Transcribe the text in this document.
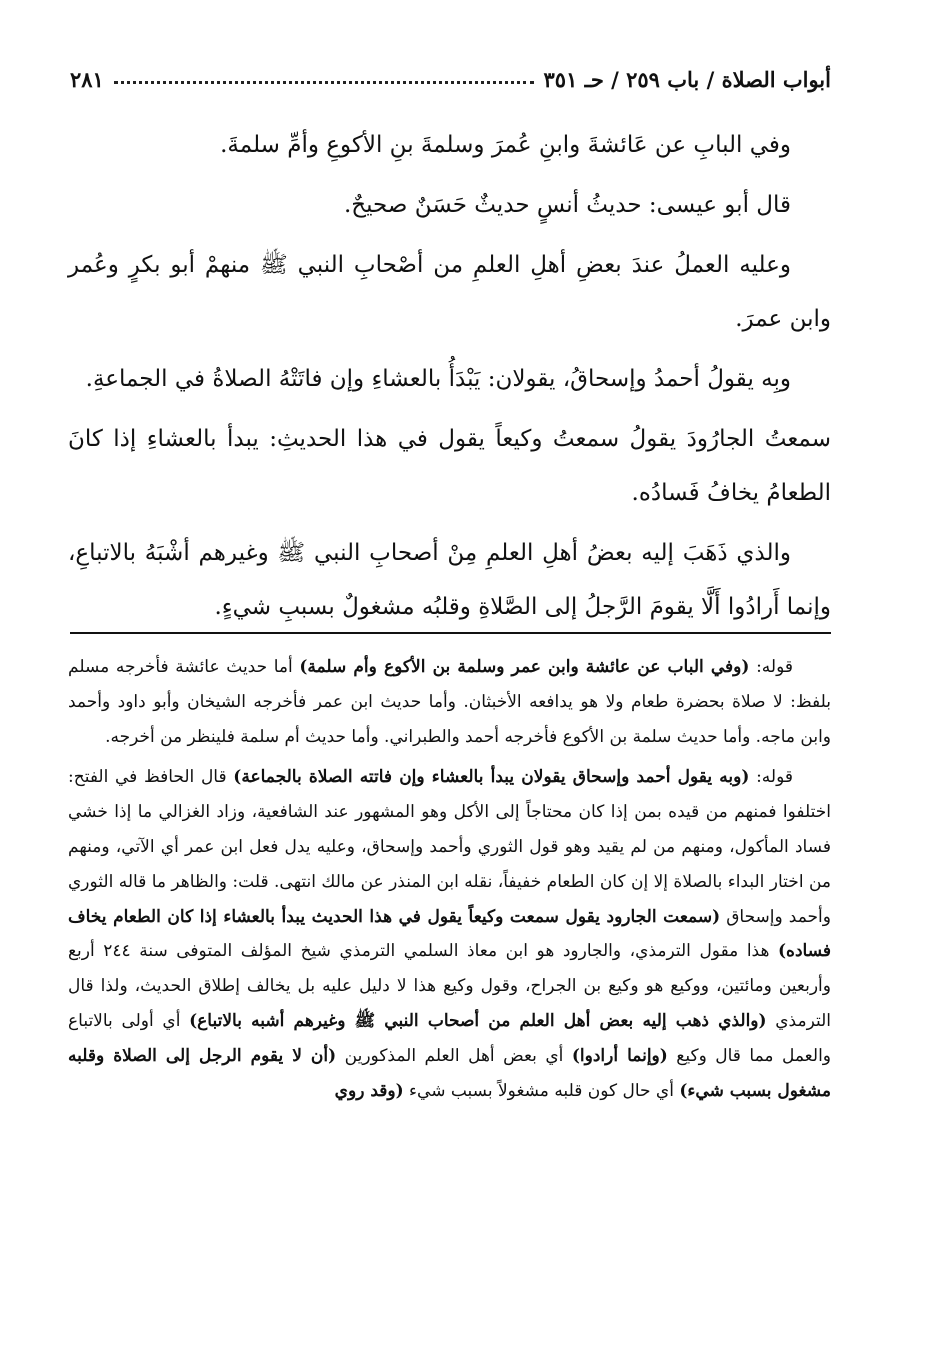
أبواب الصلاة / باب ٢٥٩ / حـ ٣٥١
٢٨١

وفي البابِ عن عَائشةَ وابنِ عُمرَ وسلمةَ بنِ الأكوعِ وأمِّ سلمةَ.

قال أبو عيسى: حديثُ أنسٍ حديثٌ حَسَنٌ صحيحٌ.

وعليه العملُ عندَ بعضِ أهلِ العلمِ من أصْحابِ النبي ﷺ منهمْ أبو بكرٍ وعُمر وابن عمرَ.

وبِه يقولُ أحمدُ وإسحاقُ، يقولان: يَبْدَأُ بالعشاءِ وإن فاتَتْهُ الصلاةُ في الجماعةِ.

سمعتُ الجارُودَ يقولُ سمعتُ وكيعاً يقول في هذا الحديثِ: يبدأ بالعشاءِ إذا كانَ الطعامُ يخافُ فَسادُه.

والذي ذَهَبَ إليه بعضُ أهلِ العلمِ مِنْ أصحابِ النبي ﷺ وغيرهم أشْبَهُ بالاتباعِ، وإنما أَرادُوا أَلَّا يقومَ الرَّجلُ إلى الصَّلاةِ وقلبُه مشغولٌ بسببِ شيءٍ.

قوله: (وفي الباب عن عائشة وابن عمر وسلمة بن الأكوع وأم سلمة) أما حديث عائشة فأخرجه مسلم بلفظ: لا صلاة بحضرة طعام ولا هو يدافعه الأخبثان. وأما حديث ابن عمر فأخرجه الشيخان وأبو داود وأحمد وابن ماجه. وأما حديث سلمة بن الأكوع فأخرجه أحمد والطبراني. وأما حديث أم سلمة فلينظر من أخرجه.

قوله: (وبه يقول أحمد وإسحاق يقولان يبدأ بالعشاء وإن فاتته الصلاة بالجماعة) قال الحافظ في الفتح: اختلفوا فمنهم من قيده بمن إذا كان محتاجاً إلى الأكل وهو المشهور عند الشافعية، وزاد الغزالي ما إذا خشي فساد المأكول، ومنهم من لم يقيد وهو قول الثوري وأحمد وإسحاق، وعليه يدل فعل ابن عمر أي الآتي، ومنهم من اختار البداء بالصلاة إلا إن كان الطعام خفيفاً، نقله ابن المنذر عن مالك انتهى. قلت: والظاهر ما قاله الثوري وأحمد وإسحاق (سمعت الجارود يقول سمعت وكيعاً يقول في هذا الحديث يبدأ بالعشاء إذا كان الطعام يخاف فساده) هذا مقول الترمذي، والجارود هو ابن معاذ السلمي الترمذي شيخ المؤلف المتوفى سنة ٢٤٤ أربع وأربعين ومائتين، ووكيع هو وكيع بن الجراح، وقول وكيع هذا لا دليل عليه بل يخالف إطلاق الحديث، ولذا قال الترمذي (والذي ذهب إليه بعض أهل العلم من أصحاب النبي ﷺ وغيرهم أشبه بالاتباع) أي أولى بالاتباع والعمل مما قال وكيع (وإنما أرادوا) أي بعض أهل العلم المذكورين (أن لا يقوم الرجل إلى الصلاة وقلبه مشغول بسبب شيء) أي حال كون قلبه مشغولاً بسبب شيء (وقد روي
